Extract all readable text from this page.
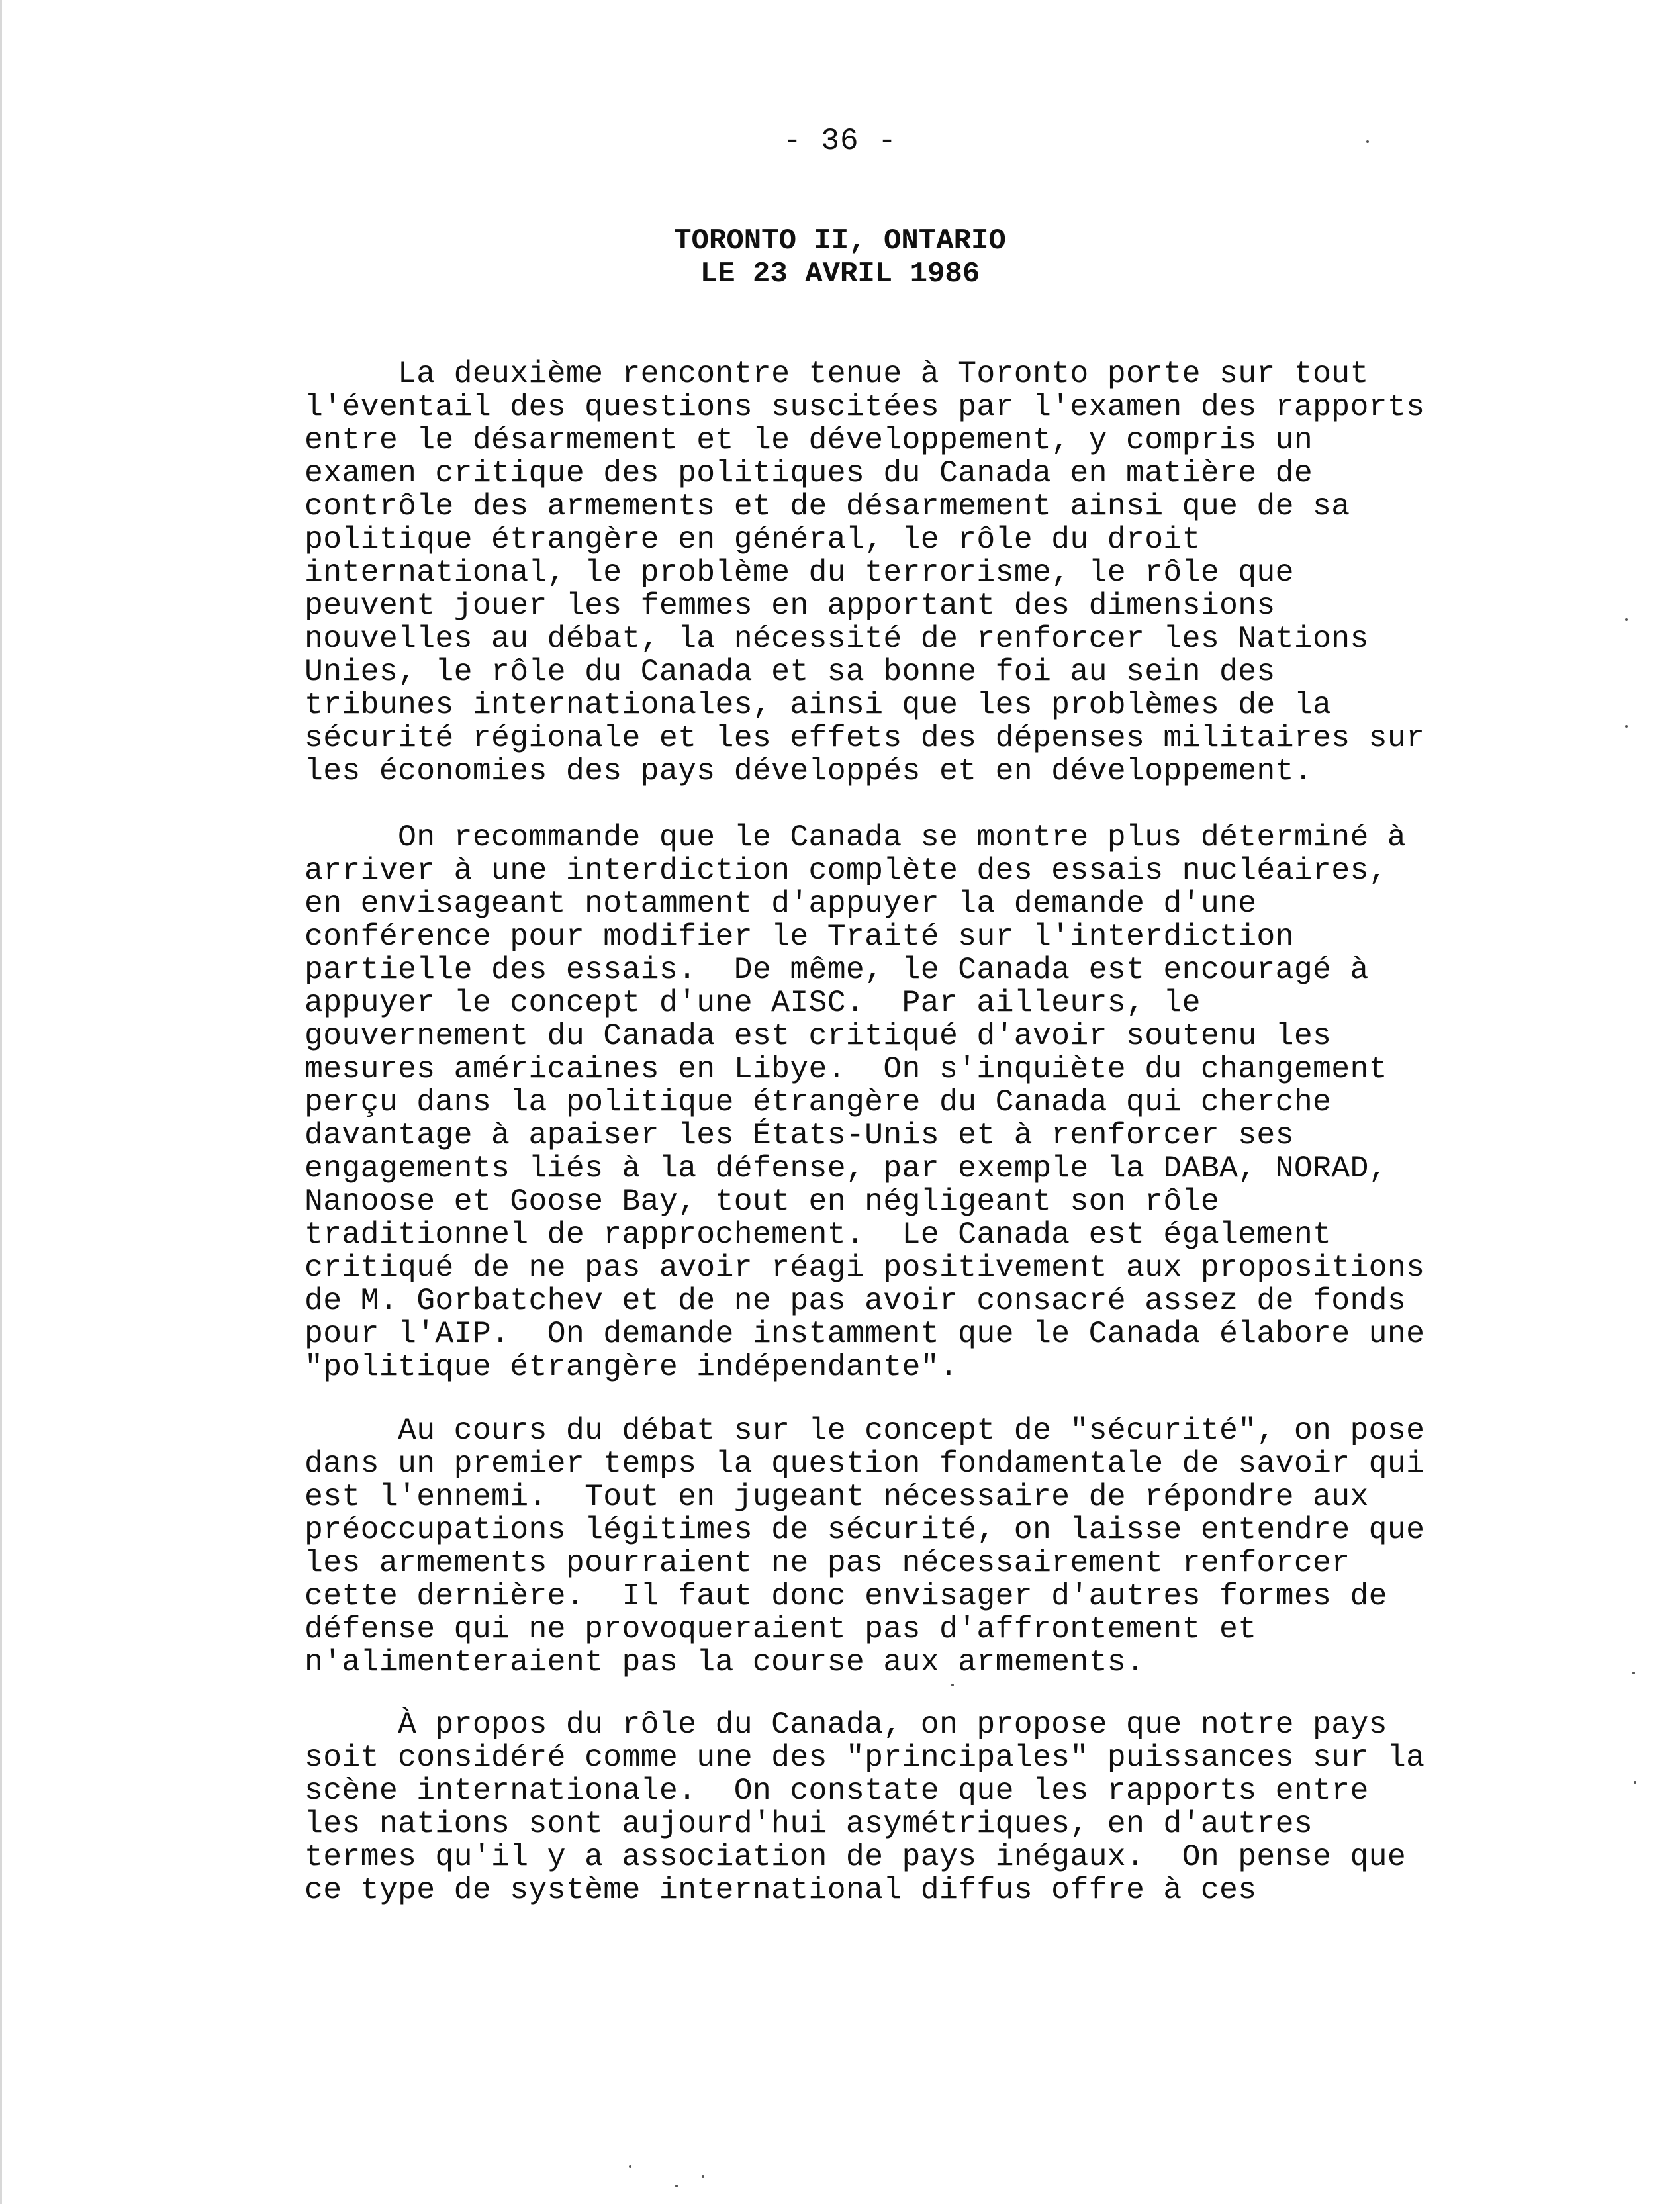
- 36 -
TORONTO II, ONTARIO
LE 23 AVRIL 1986
La deuxième rencontre tenue à Toronto porte sur tout
l'éventail des questions suscitées par l'examen des rapports
entre le désarmement et le développement, y compris un
examen critique des politiques du Canada en matière de
contrôle des armements et de désarmement ainsi que de sa
politique étrangère en général, le rôle du droit
international, le problème du terrorisme, le rôle que
peuvent jouer les femmes en apportant des dimensions
nouvelles au débat, la nécessité de renforcer les Nations
Unies, le rôle du Canada et sa bonne foi au sein des
tribunes internationales, ainsi que les problèmes de la
sécurité régionale et les effets des dépenses militaires sur
les économies des pays développés et en développement.
On recommande que le Canada se montre plus déterminé à
arriver à une interdiction complète des essais nucléaires,
en envisageant notamment d'appuyer la demande d'une
conférence pour modifier le Traité sur l'interdiction
partielle des essais.  De même, le Canada est encouragé à
appuyer le concept d'une AISC.  Par ailleurs, le
gouvernement du Canada est critiqué d'avoir soutenu les
mesures américaines en Libye.  On s'inquiète du changement
perçu dans la politique étrangère du Canada qui cherche
davantage à apaiser les États-Unis et à renforcer ses
engagements liés à la défense, par exemple la DABA, NORAD,
Nanoose et Goose Bay, tout en négligeant son rôle
traditionnel de rapprochement.  Le Canada est également
critiqué de ne pas avoir réagi positivement aux propositions
de M. Gorbatchev et de ne pas avoir consacré assez de fonds
pour l'AIP.  On demande instamment que le Canada élabore une
"politique étrangère indépendante".
Au cours du débat sur le concept de "sécurité", on pose
dans un premier temps la question fondamentale de savoir qui
est l'ennemi.  Tout en jugeant nécessaire de répondre aux
préoccupations légitimes de sécurité, on laisse entendre que
les armements pourraient ne pas nécessairement renforcer
cette dernière.  Il faut donc envisager d'autres formes de
défense qui ne provoqueraient pas d'affrontement et
n'alimenteraient pas la course aux armements.
À propos du rôle du Canada, on propose que notre pays
soit considéré comme une des "principales" puissances sur la
scène internationale.  On constate que les rapports entre
les nations sont aujourd'hui asymétriques, en d'autres
termes qu'il y a association de pays inégaux.  On pense que
ce type de système international diffus offre à ces
